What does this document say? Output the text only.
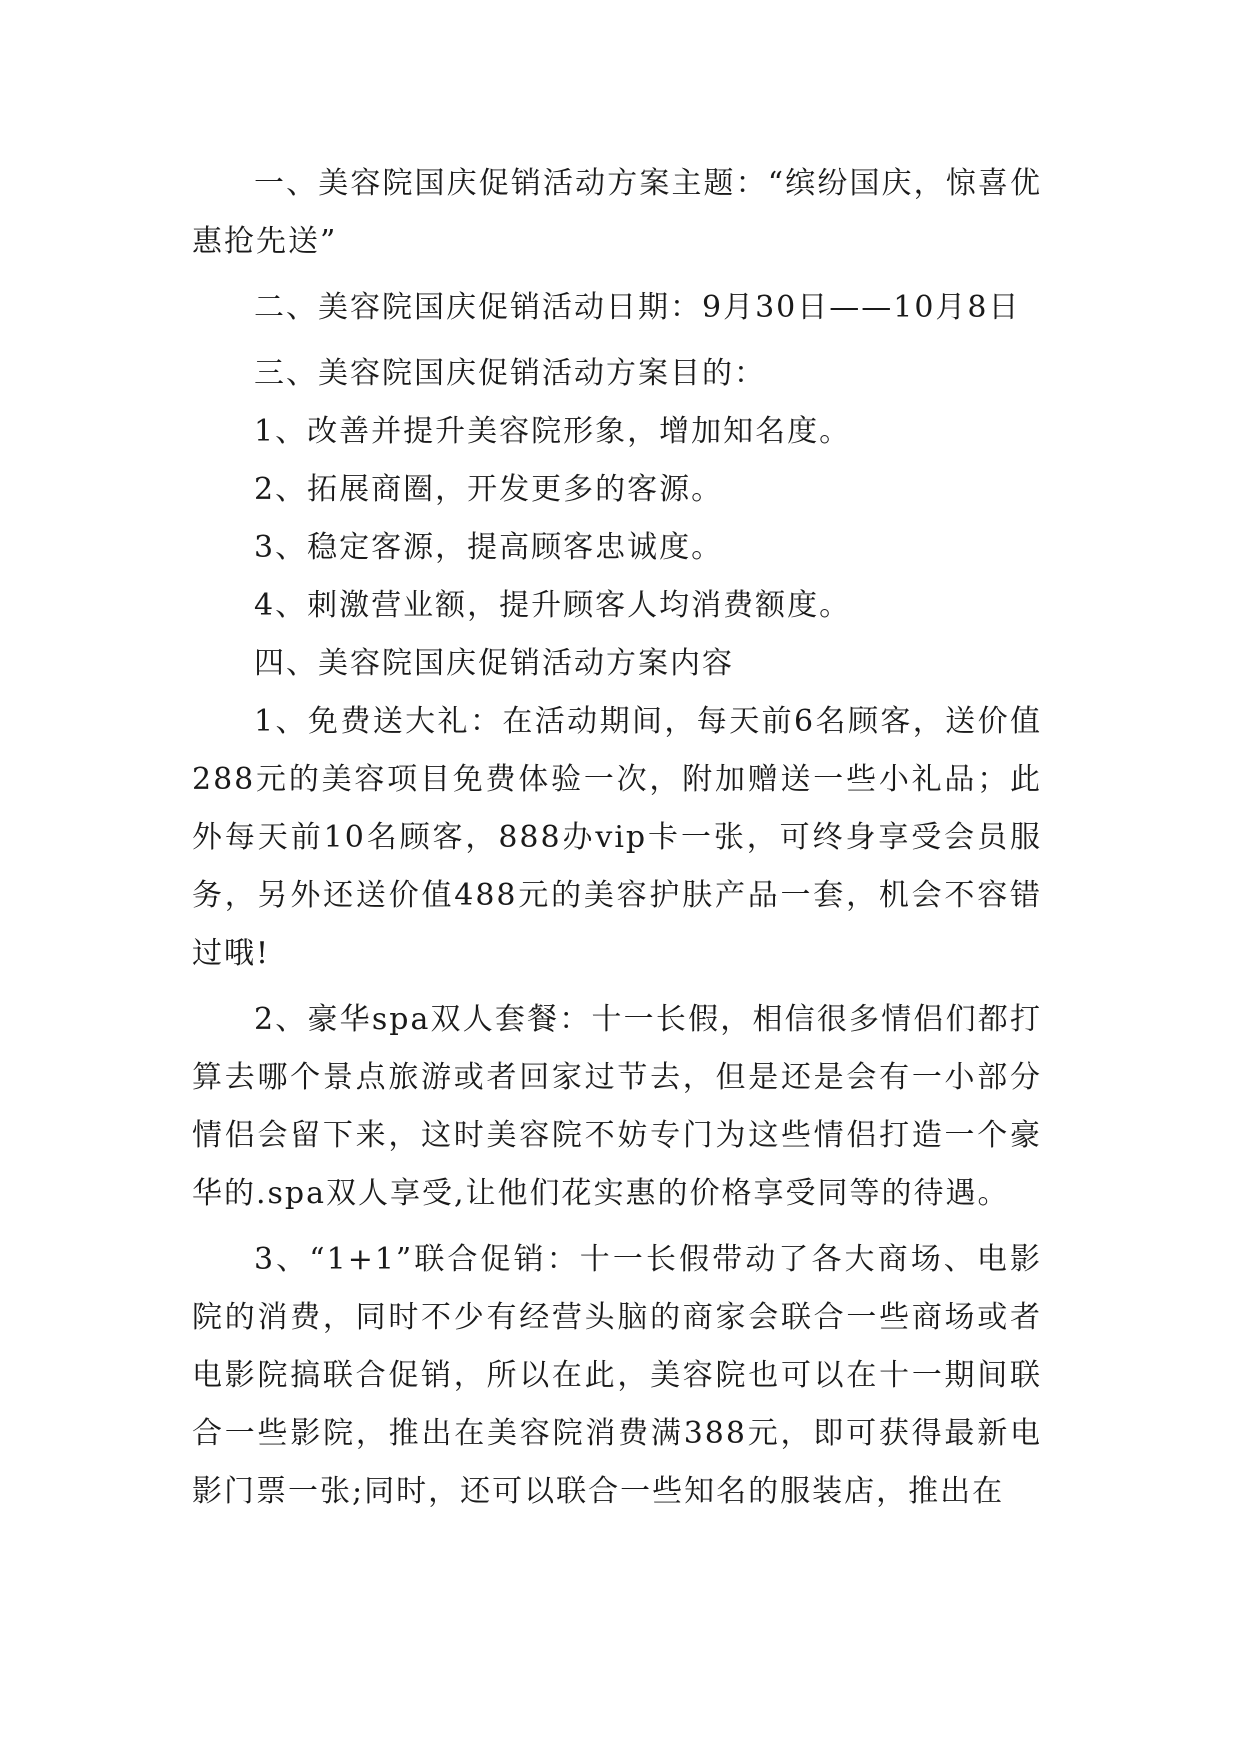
一、美容院国庆促销活动方案主题：“缤纷国庆，惊喜优惠抢先送”

二、美容院国庆促销活动日期：9月30日——10月8日

三、美容院国庆促销活动方案目的：

1、改善并提升美容院形象，增加知名度。

2、拓展商圈，开发更多的客源。

3、稳定客源，提高顾客忠诚度。

4、刺激营业额，提升顾客人均消费额度。

四、美容院国庆促销活动方案内容

1、免费送大礼：在活动期间，每天前6名顾客，送价值288元的美容项目免费体验一次，附加赠送一些小礼品；此外每天前10名顾客，888办vip卡一张，可终身享受会员服务，另外还送价值488元的美容护肤产品一套，机会不容错过哦!

2、豪华spa双人套餐：十一长假，相信很多情侣们都打算去哪个景点旅游或者回家过节去，但是还是会有一小部分情侣会留下来，这时美容院不妨专门为这些情侣打造一个豪华的.spa双人享受,让他们花实惠的价格享受同等的待遇。

3、“1+1”联合促销：十一长假带动了各大商场、电影院的消费，同时不少有经营头脑的商家会联合一些商场或者电影院搞联合促销，所以在此，美容院也可以在十一期间联合一些影院，推出在美容院消费满388元，即可获得最新电影门票一张;同时，还可以联合一些知名的服装店，推出在
